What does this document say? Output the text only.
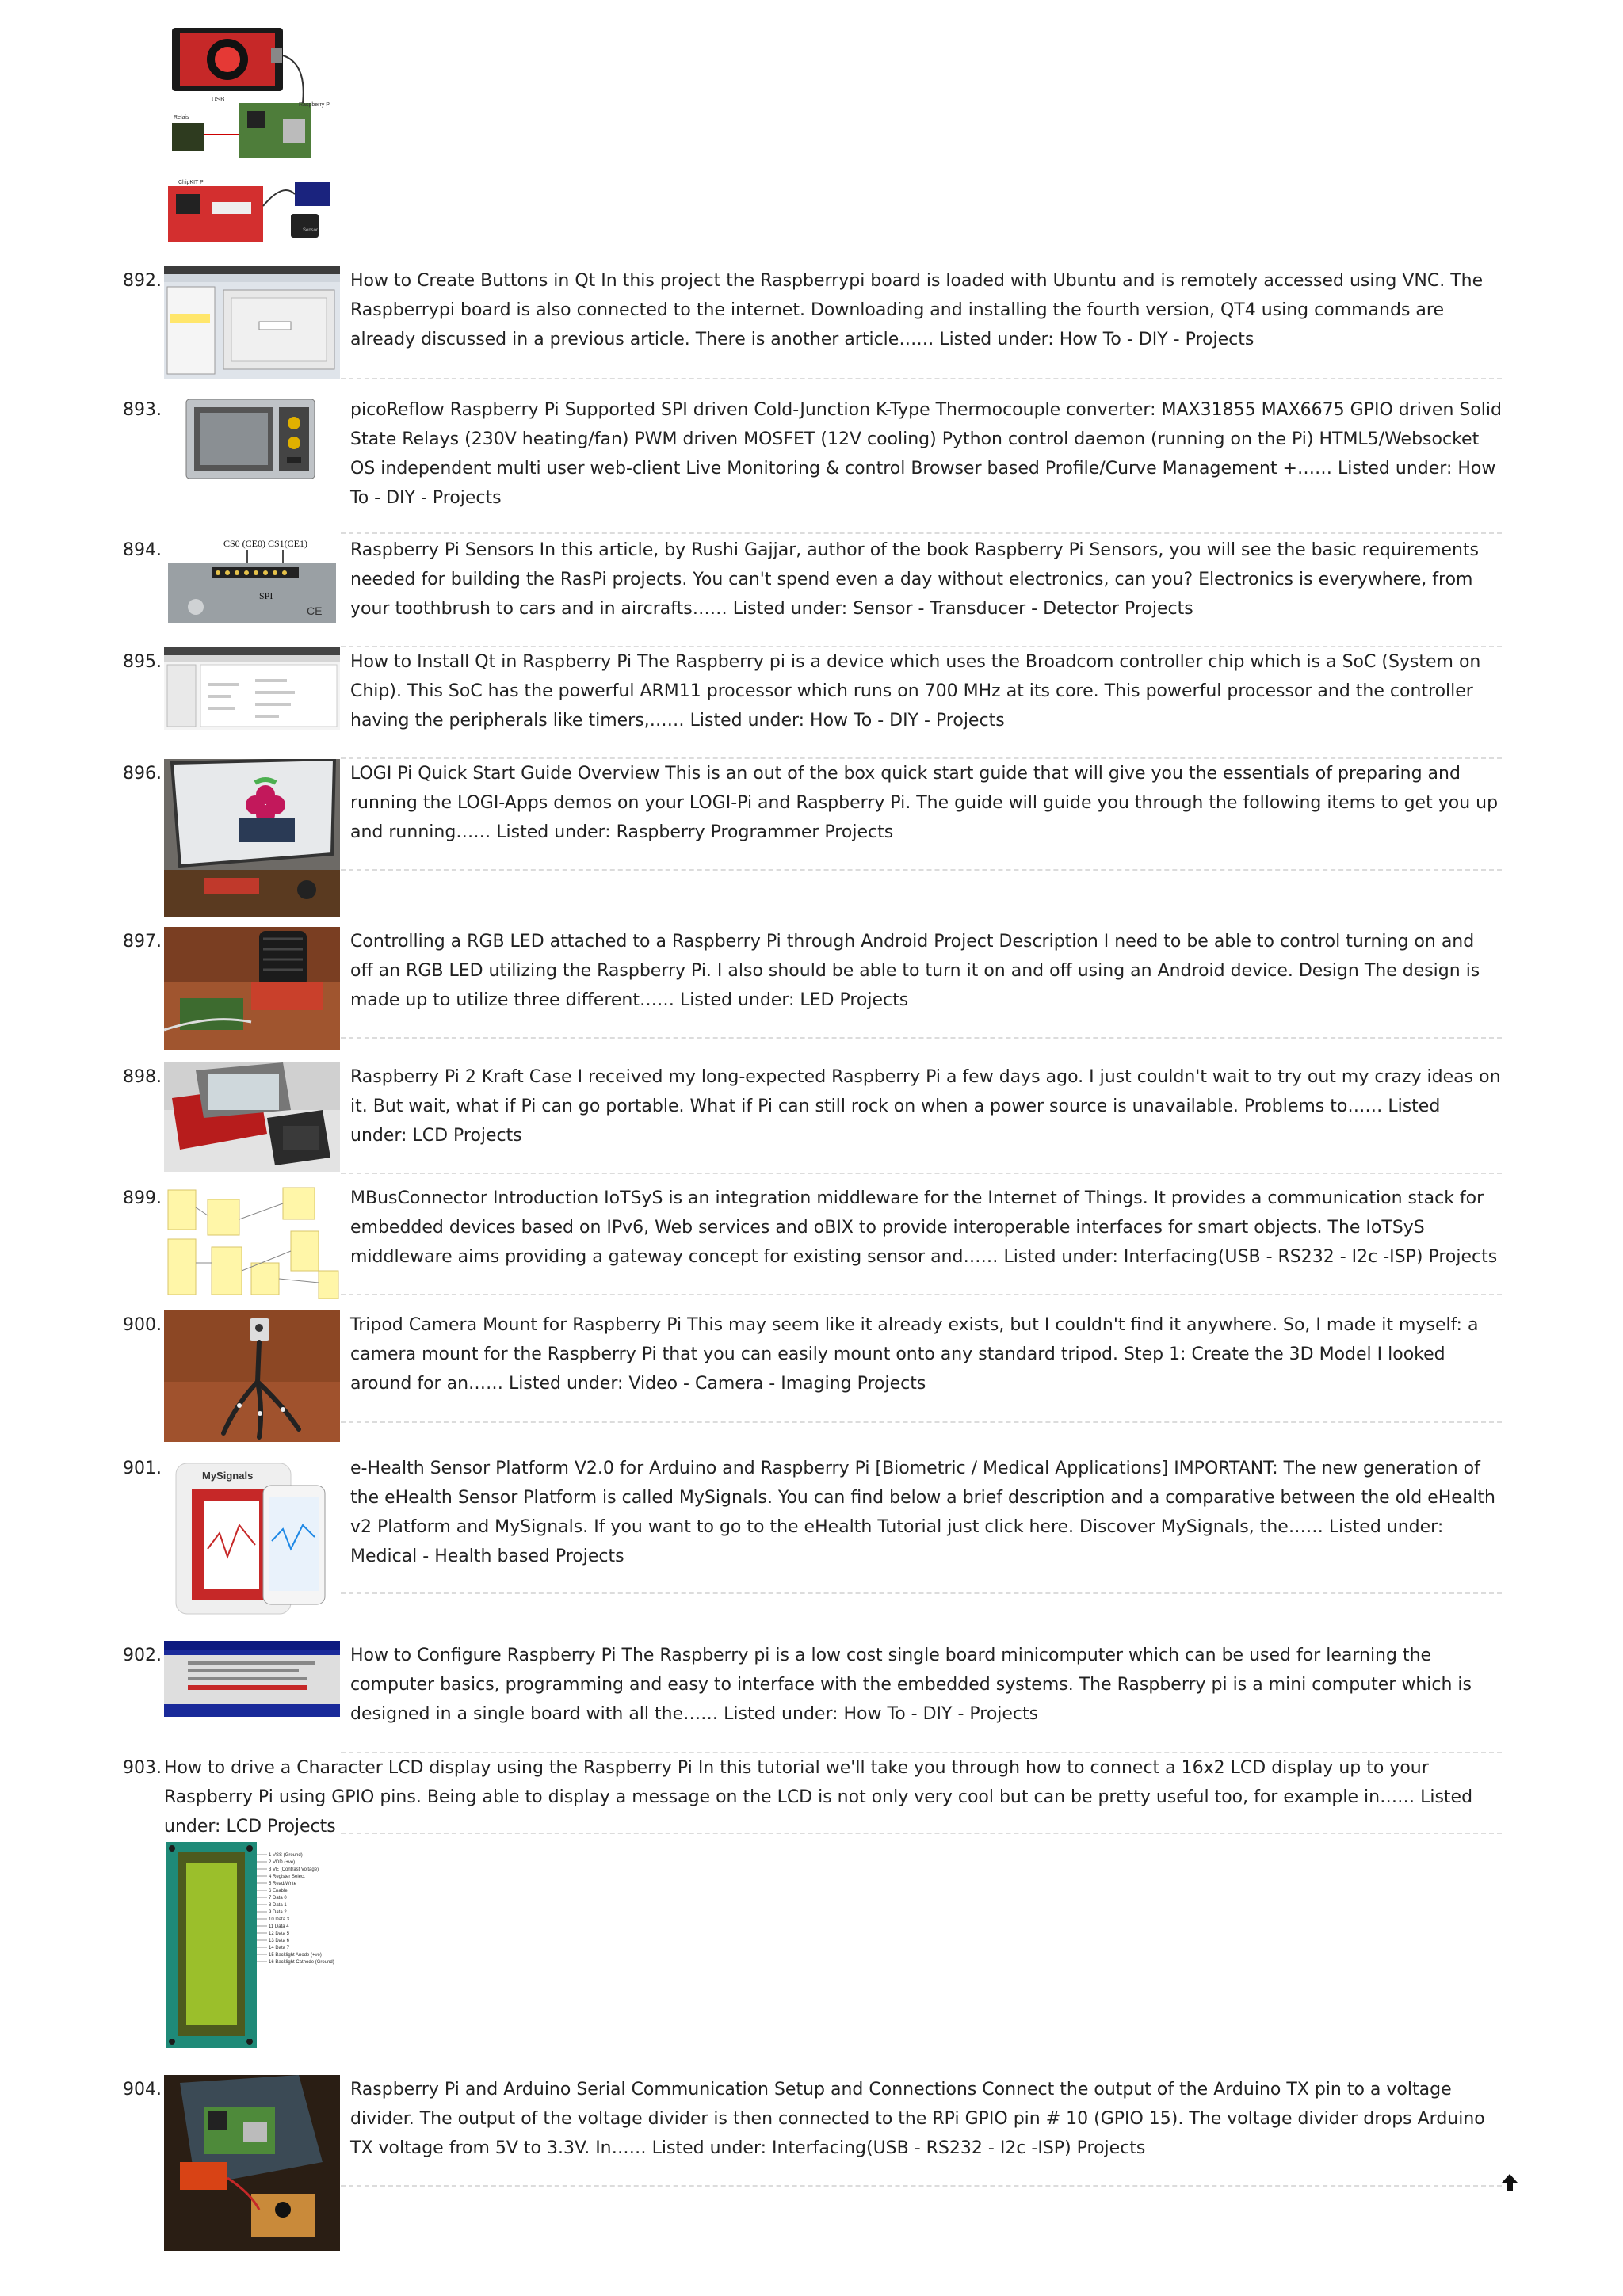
USB
Raspberry Pi
Relais
ChipKIT Pi
Sensor
892.	How to Create Buttons in Qt In this project the Raspberrypi board is loaded with Ubuntu and is remotely accessed using VNC. The Raspberrypi board is also connected to the internet. Downloading and installing the fourth version, QT4 using commands are already discussed in a previous article. There is another article…… Listed under: How To - DIY - Projects
893.	picoReflow Raspberry Pi Supported SPI driven Cold-Junction K-Type Thermocouple converter: MAX31855 MAX6675 GPIO driven Solid State Relays (230V heating/fan) PWM driven MOSFET (12V cooling) Python control daemon (running on the Pi) HTML5/Websocket OS independent multi user web-client Live Monitoring & control Browser based Profile/Curve Management +…… Listed under: How To - DIY - Projects
894.	CS0 (CE0) CS1(CE1)
SPI
CE
Raspberry Pi Sensors In this article, by Rushi Gajjar, author of the book Raspberry Pi Sensors, you will see the basic requirements needed for building the RasPi projects. You can't spend even a day without electronics, can you? Electronics is everywhere, from your toothbrush to cars and in aircrafts…… Listed under: Sensor - Transducer - Detector Projects
895.	How to Install Qt in Raspberry Pi The Raspberry pi is a device which uses the Broadcom controller chip which is a SoC (System on Chip). This SoC has the powerful ARM11 processor which runs on 700 MHz at its core. This powerful processor and the controller having the peripherals like timers,…… Listed under: How To - DIY - Projects
896.	LOGI Pi Quick Start Guide Overview This is an out of the box quick start guide that will give you the essentials of preparing and running the LOGI-Apps demos on your LOGI-Pi and Raspberry Pi. The guide will guide you through the following items to get you up and running…… Listed under: Raspberry Programmer Projects
897.	Controlling a RGB LED attached to a Raspberry Pi through Android Project Description I need to be able to control turning on and off an RGB LED utilizing the Raspberry Pi. I also should be able to turn it on and off using an Android device. Design The design is made up to utilize three different…… Listed under: LED Projects
898.	Raspberry Pi 2 Kraft Case I received my long-expected Raspberry Pi a few days ago. I just couldn't wait to try out my crazy ideas on it. But wait, what if Pi can go portable. What if Pi can still rock on when a power source is unavailable. Problems to…… Listed under: LCD Projects
899.	MBusConnector Introduction IoTSyS is an integration middleware for the Internet of Things. It provides a communication stack for embedded devices based on IPv6, Web services and oBIX to provide interoperable interfaces for smart objects. The IoTSyS middleware aims providing a gateway concept for existing sensor and…… Listed under: Interfacing(USB - RS232 - I2c -ISP) Projects
900.	Tripod Camera Mount for Raspberry Pi This may seem like it already exists, but I couldn't find it anywhere. So, I made it myself: a camera mount for the Raspberry Pi that you can easily mount onto any standard tripod. Step 1: Create the 3D Model I looked around for an…… Listed under: Video - Camera - Imaging Projects
901.	MySignals	e-Health Sensor Platform V2.0 for Arduino and Raspberry Pi [Biometric / Medical Applications] IMPORTANT: The new generation of the eHealth Sensor Platform is called MySignals. You can find below a brief description and a comparative between the old eHealth v2 Platform and MySignals. If you want to go to the eHealth Tutorial just click here. Discover MySignals, the…… Listed under: Medical - Health based Projects
902.	How to Configure Raspberry Pi The Raspberry pi is a low cost single board minicomputer which can be used for learning the computer basics, programming and easy to interface with the embedded systems. The Raspberry pi is a mini computer which is designed in a single board with all the…… Listed under: How To - DIY - Projects
903. How to drive a Character LCD display using the Raspberry Pi In this tutorial we'll take you through how to connect a 16x2 LCD display up to your Raspberry Pi using GPIO pins. Being able to display a message on the LCD is not only very cool but can be pretty useful too, for example in…… Listed under: LCD Projects
1 VSS (Ground)
2 VDD (+ve)
3 VE (Contrast Voltage)
4 Register Select
5 Read/Write
6 Enable
7 Data 0
8 Data 1
9 Data 2
10 Data 3
11 Data 4
12 Data 5
13 Data 6
14 Data 7
15 Backlight Anode (+ve)
16 Backlight Cathode (Ground)
904.	Raspberry Pi and Arduino Serial Communication Setup and Connections Connect the output of the Arduino TX pin to a voltage divider. The output of the voltage divider is then connected to the RPi GPIO pin # 10 (GPIO 15). The voltage divider drops Arduino TX voltage from 5V to 3.3V. In…… Listed under: Interfacing(USB - RS232 - I2c -ISP) Projects
